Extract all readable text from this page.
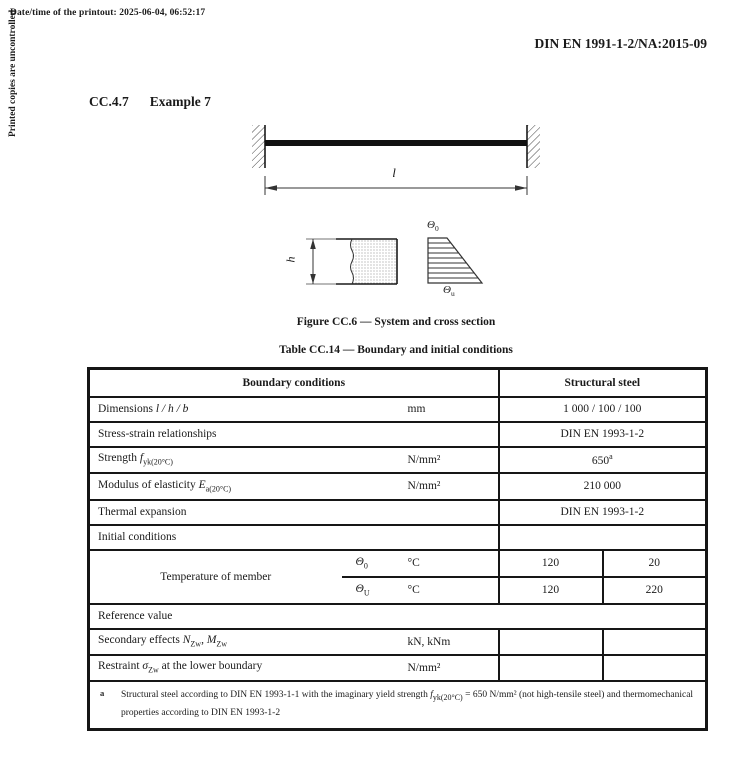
Date/time of the printout: 2025-06-04, 06:52:17
Printed copies are uncontrolled	DIN EN 1991-1-2/NA:2015-09
CC.4.7 Example 7
l
h
$\Theta_0$
$\Theta_u$
Figure CC.6 — System and cross section
Table CC.14 — Boundary and initial conditions
Boundary conditions			Structural steel	
Dimensions l / h / b		mm	1 000 / 100 / 100	
Stress-strain relationships			DIN EN 1993-1-2	
Strength $f_{yk(20^\circ C)}$		N/mm²	650$^a$
Modulus of elasticity $E_{a(20^\circ C)}$		N/mm²	210 000	
Thermal expansion			DIN EN 1993-1-2	
Initial conditions				
Temperature of member	$\Theta_0$	°C	120	20
	$\Theta_U$	°C	120	220
Reference value				
Secondary effects $N_{Zw}$, $M_{Zw}$		kN, kNm		
Restraint $\sigma_{Zw}$ at the lower boundary		N/mm²		

a Structural steel according to DIN EN 1993-1-1 with the imaginary yield strength $f_{yk(20^\circ C)} = 650$ N/mm² (not high-tensile steel) and thermomechanical properties according to DIN EN 1993-1-2				
